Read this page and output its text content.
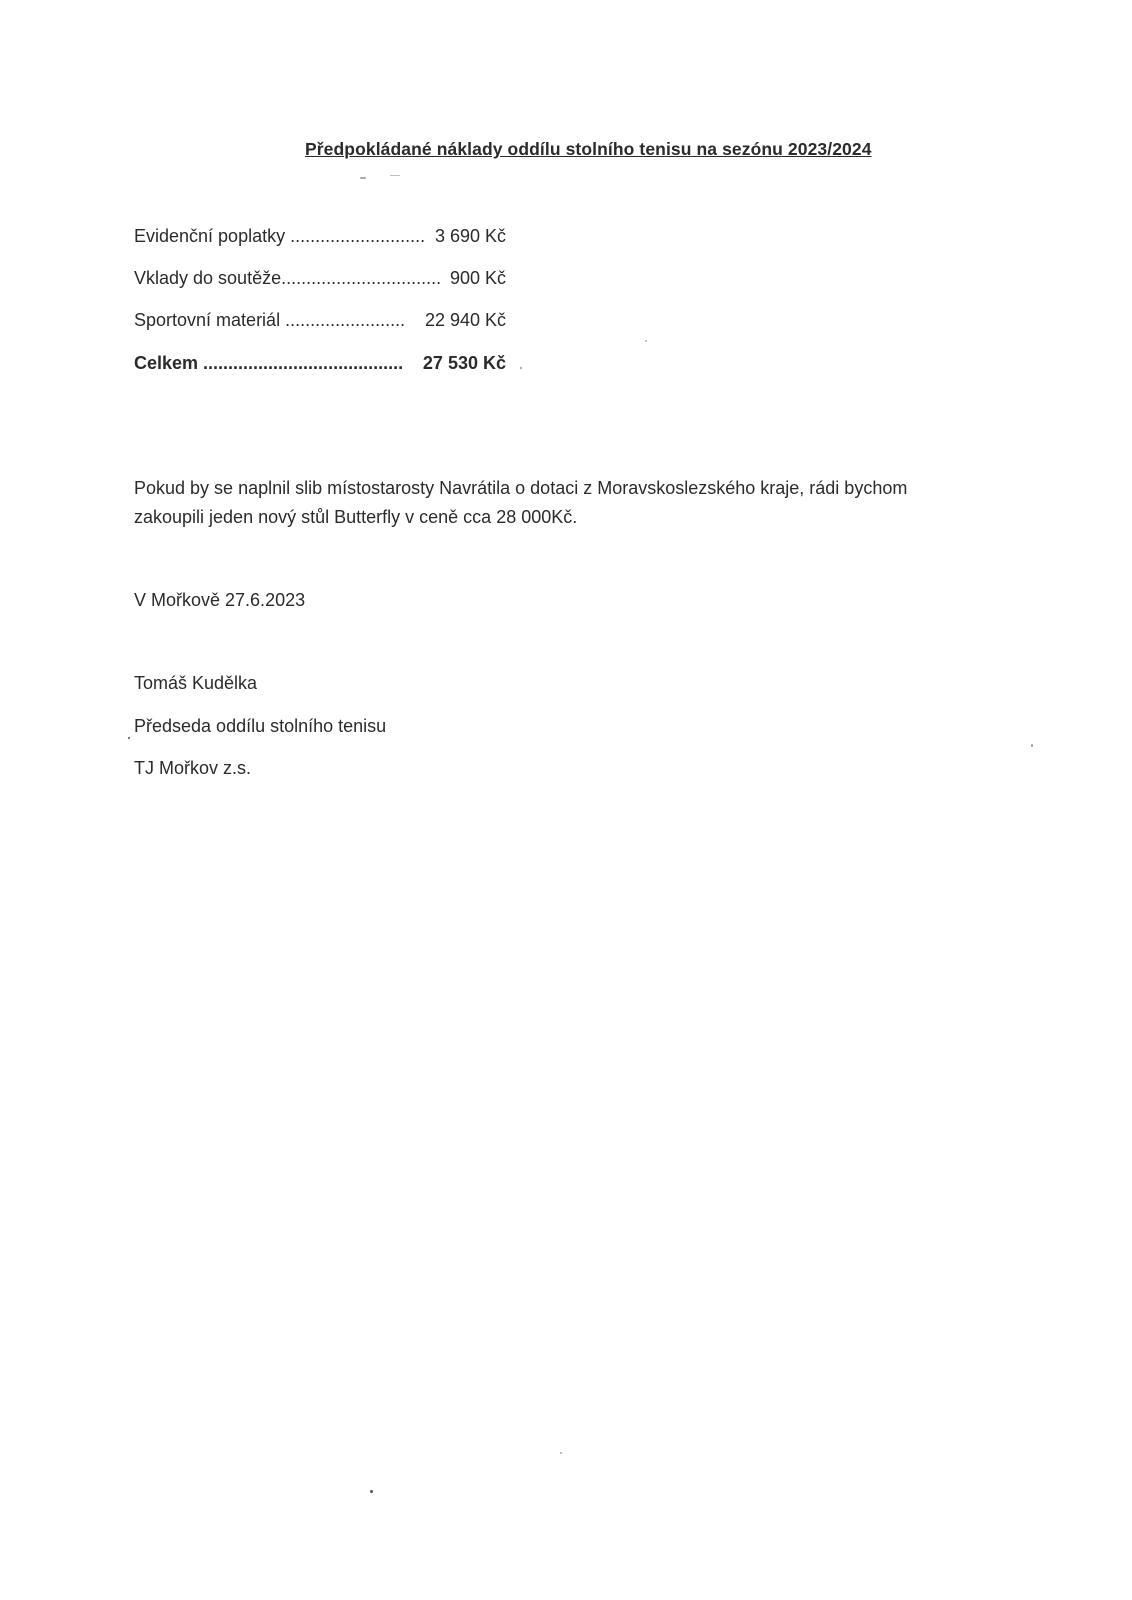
Předpokládané náklady oddílu stolního tenisu na sezónu 2023/2024
Evidenční poplatky ........................... 3 690 Kč
Vklady do soutěže................................ 900 Kč
Sportovní materiál ........................ 22 940 Kč
Celkem ........................................ 27 530 Kč
Pokud by se naplnil slib místostarosty Navrátila o dotaci z Moravskoslezského kraje, rádi bychom
zakoupili jeden nový stůl Butterfly v ceně cca 28 000Kč.
V Mořkově 27.6.2023
Tomáš Kudělka
Předseda oddílu stolního tenisu
TJ Mořkov z.s.
